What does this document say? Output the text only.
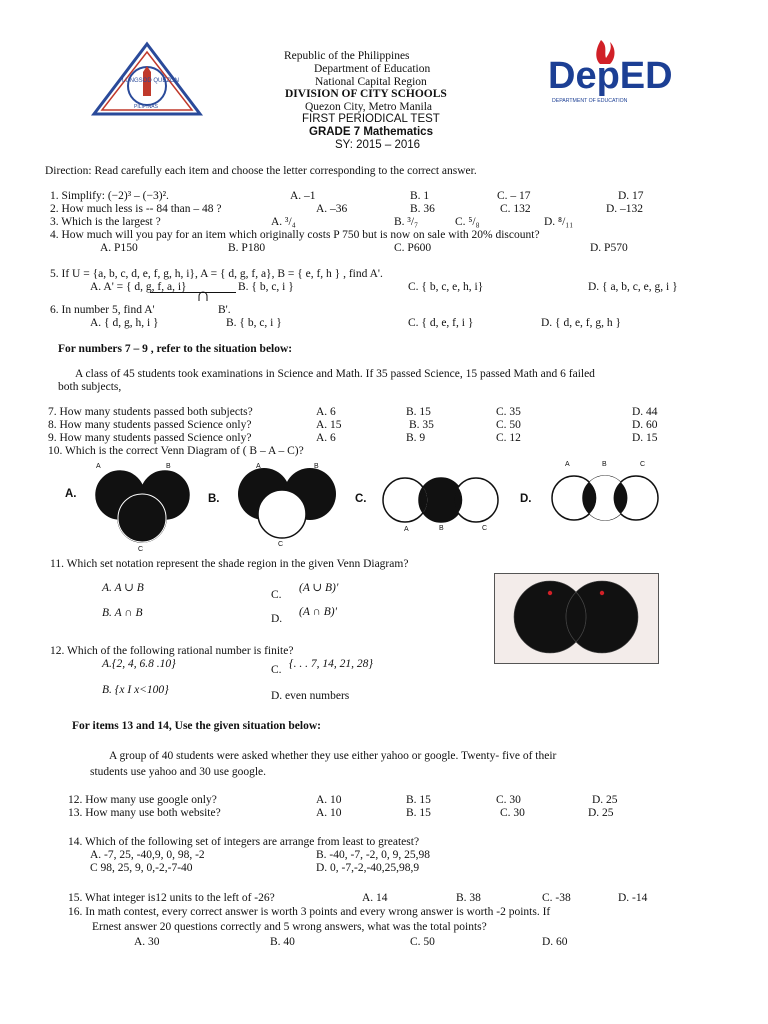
LUNGSOD QUEZON
PILIPINAS
Republic of the Philippines
Department of Education
National Capital Region
DIVISION OF CITY SCHOOLS
Quezon City, Metro Manila
FIRST PERIODICAL TEST
GRADE 7 Mathematics
SY: 2015 – 2016
DepED
DEPARTMENT OF EDUCATION
Direction: Read carefully each item and choose the letter corresponding to the correct answer.
1. Simplify: (−2)³ – (−3)².	A. –1	B. 1	C. – 17	D. 17
2. How much less is -- 84 than – 48 ?	A. –36	B. 36	C. 132	D. –132
3. Which is the largest ?	A. ³/₄	B. ³/₇	C. ⁵/₈	D. ⁸/₁₁
4. How much will you pay for an item which originally costs P 750 but is now on sale with 20% discount?
A. P150	B. P180	C. P600	D. P570
5. If U = {a, b, c, d, e, f, g, h, i}, A = { d, g, f, a}, B = { e, f, h } , find A'.
A. A' = { d, g, f, a, i}	B. { b, c, i }	C. { b, c, e, h, i}	D. { a, b, c, e, g, i }
6. In number 5, find A'	B'.
A. { d, g, h, i }	B. { b, c, i }	C. { d, e, f, i }	D. { d, e, f, g, h }
For numbers 7 – 9 , refer to the situation below:
A class of 45 students took examinations in Science and Math. If 35 passed Science, 15 passed Math and 6 failed
both subjects,
7. How many students passed both subjects?	A. 6	B. 15	C. 35	D. 44
8. How many students passed Science only?	A. 15	B. 35	C. 50	D. 60
9. How many students passed Science only?	A. 6	B. 9	C. 12	D. 15
10. Which is the correct Venn Diagram of ( B – A – C)?
A.
A	B
C
B.
A	B
C
C.
A	B	C
D.
A	B	C
11. Which set notation represent the shade region in the given Venn Diagram?
A. A ∪ B
B. A ∩ B
C.
(A ∪ B)'
D.
(A ∩ B)'
12. Which of the following rational number is finite?
A.{2, 4, 6.8 .10}
B. {x I x<100}
C. {. . . 7, 14, 21, 28}
D. even numbers
For items 13 and 14, Use the given situation below:
A group of 40 students were asked whether they use either yahoo or google. Twenty- five of their
students use yahoo and 30 use google.
12. How many use google only?	A. 10	B. 15	C. 30	D. 25
13. How many use both website?	A. 10	B. 15	C. 30	D. 25
14. Which of the following set of integers are arrange from least to greatest?
A. -7, 25, -40,9, 0, 98, -2	B. -40, -7, -2, 0, 9, 25,98
C 98, 25, 9, 0,-2,-7-40	D. 0, -7,-2,-40,25,98,9
15. What integer is12 units to the left of -26?	A. 14	B. 38	C. -38	D. -14
16. In math contest, every correct answer is worth 3 points and every wrong answer is worth -2 points. If
Ernest answer 20 questions correctly and 5 wrong answers, what was the total points?
A. 30	B. 40	C. 50	D. 60
